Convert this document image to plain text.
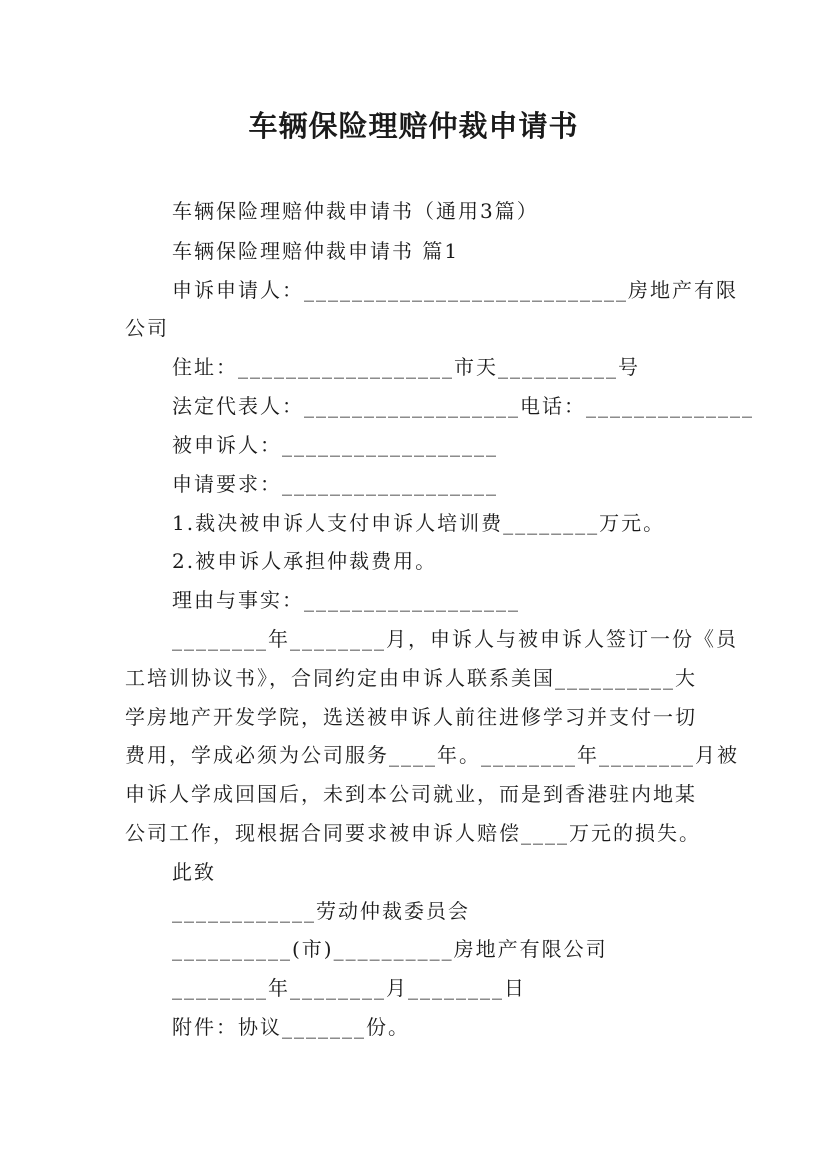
车辆保险理赔仲裁申请书
车辆保险理赔仲裁申请书（通用3篇）
车辆保险理赔仲裁申请书 篇1
申诉申请人：___________________________房地产有限
公司
住址：__________________市天__________号
法定代表人：__________________电话：______________
被申诉人：__________________
申请要求：__________________
1.裁决被申诉人支付申诉人培训费________万元。
2.被申诉人承担仲裁费用。
理由与事实：__________________
________年________月，申诉人与被申诉人签订一份《员
工培训协议书》，合同约定由申诉人联系美国__________大
学房地产开发学院，选送被申诉人前往进修学习并支付一切
费用，学成必须为公司服务____年。________年________月被
申诉人学成回国后，未到本公司就业，而是到香港驻内地某
公司工作，现根据合同要求被申诉人赔偿____万元的损失。
此致
____________劳动仲裁委员会
__________(市)__________房地产有限公司
________年________月________日
附件：协议_______份。
